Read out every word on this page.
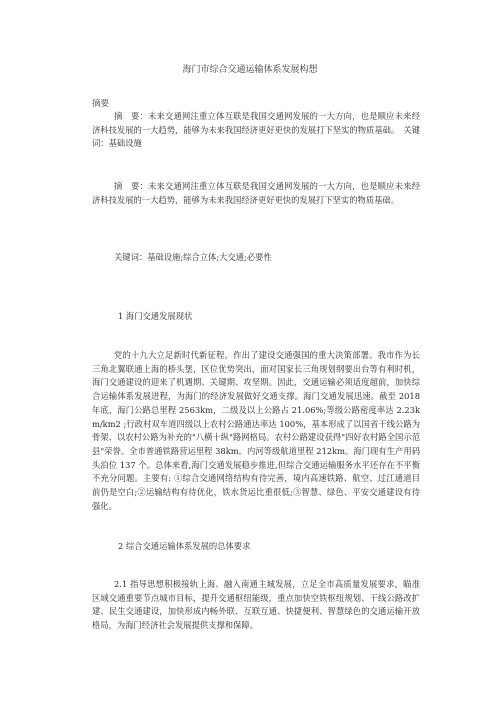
海门市综合交通运输体系发展构想
摘要
摘　要：未来交通网注重立体互联是我国交通网发展的一大方向，也是顺应未来经济科技发展的一大趋势，能够为未来我国经济更好更快的发展打下坚实的物质基础。　关键词：基础设施
摘　要：未来交通网注重立体互联是我国交通网发展的一大方向，也是顺应未来经济科技发展的一大趋势，能够为未来我国经济更好更快的发展打下坚实的物质基础。
关键词：基础设施;综合立体;大交通;必要性
1 海门交通发展现状
党的十九大立足新时代新征程，作出了建设交通强国的重大决策部署。我市作为长三角北翼联通上海的桥头堡，区位优势突出，面对国家长三角规划纲要出台等有利时机，海门交通建设的迎来了机遇期、关键期、攻坚期。因此，交通运输必须适度超前，加快综合运输体系发展进程，为海门的经济发展做好交通支撑。海门交通发展迅速。截至 2018 年底，海门公路总里程 2563km，二级及以上公路占 21.06%;等级公路密度率达 2.23km/km2 ;行政村双车道四级以上农村公路通达率达 100%，基本形成了以国省干线公路为骨架、以农村公路为补充的"八横十纵"路网格局。农村公路建设获得"四好农村路全国示范县"荣誉。全市普通铁路营运里程 38km。内河等级航道里程 212km。海门现有生产用码头泊位 137 个。总体来看,海门交通发展稳步推进,但综合交通运输服务水平还存在不平衡不充分问题。主要有: ①综合交通网络结构有待完善，境内高速铁路、航空、过江通道目前仍是空白;②运输结构有待优化，铁水货运比重很低;③智慧、绿色、平安交通建设有待强化。
2 综合交通运输体系发展的总体要求
2.1 指导思想积极接轨上海、融入南通主城发展，立足全市高质量发展要求，瞄准区域交通重要节点城市目标，提升交通枢纽能级，重点加快空铁枢纽规划、干线公路改扩建、民生交通建设，加快形成内畅外联、互联互通、快捷便利、智慧绿色的交通运输开放格局，为海门经济社会发展提供支撑和保障。
